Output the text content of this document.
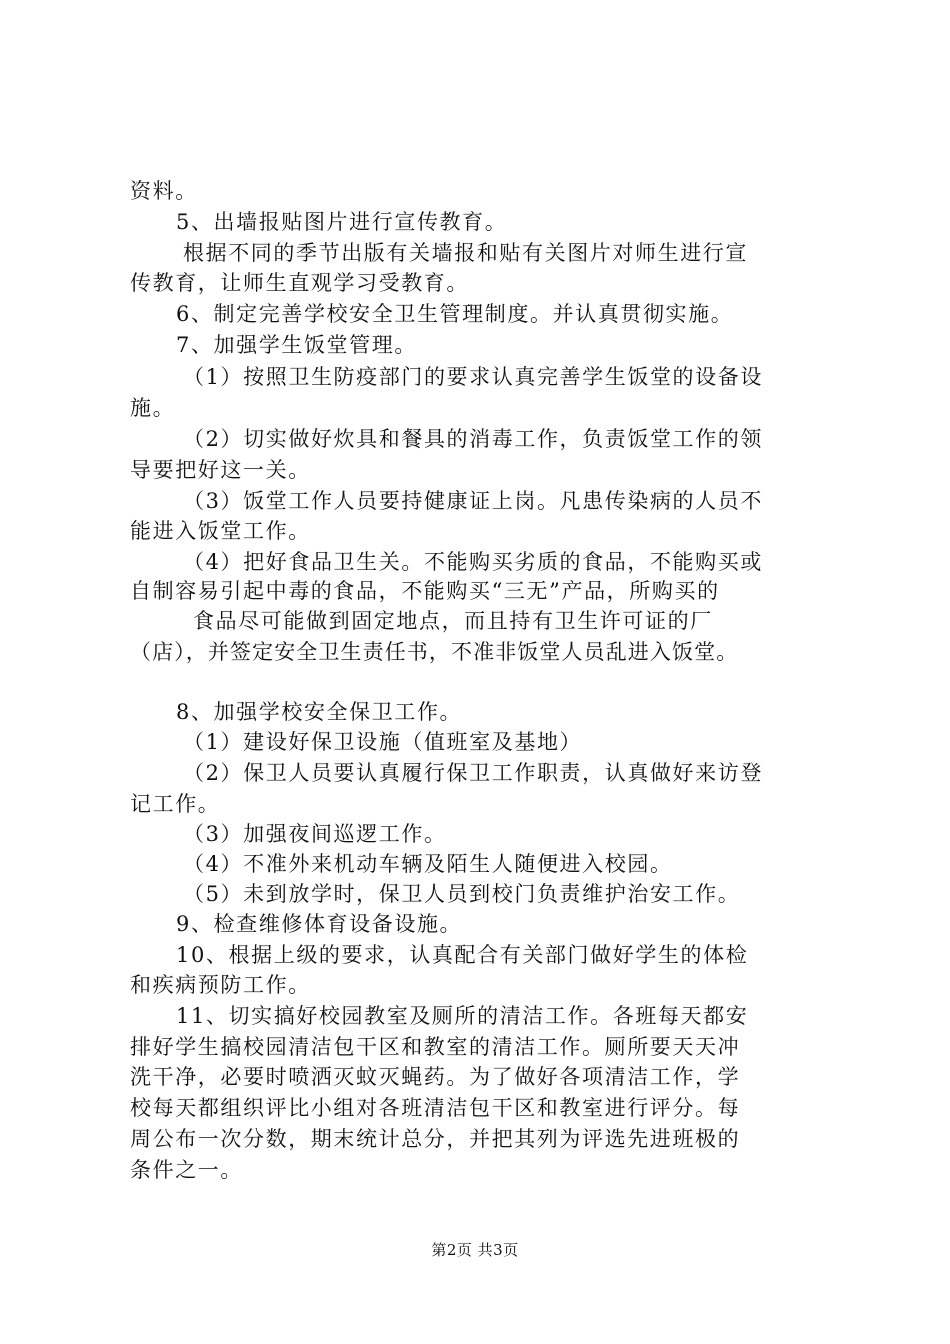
资料。
5、出墙报贴图片进行宣传教育。
根据不同的季节出版有关墙报和贴有关图片对师生进行宣
传教育，让师生直观学习受教育。
6、制定完善学校安全卫生管理制度。并认真贯彻实施。
7、加强学生饭堂管理。
（1）按照卫生防疫部门的要求认真完善学生饭堂的设备设
施。
（2）切实做好炊具和餐具的消毒工作，负责饭堂工作的领
导要把好这一关。
（3）饭堂工作人员要持健康证上岗。凡患传染病的人员不
能进入饭堂工作。
（4）把好食品卫生关。不能购买劣质的食品，不能购买或
自制容易引起中毒的食品，不能购买“三无”产品，所购买的
食品尽可能做到固定地点，而且持有卫生许可证的厂
（店），并签定安全卫生责任书，不准非饭堂人员乱进入饭堂。
8、加强学校安全保卫工作。
（1）建设好保卫设施（值班室及基地）
（2）保卫人员要认真履行保卫工作职责，认真做好来访登
记工作。
（3）加强夜间巡逻工作。
（4）不准外来机动车辆及陌生人随便进入校园。
（5）未到放学时，保卫人员到校门负责维护治安工作。
9、检查维修体育设备设施。
10、根据上级的要求，认真配合有关部门做好学生的体检
和疾病预防工作。
11、切实搞好校园教室及厕所的清洁工作。各班每天都安
排好学生搞校园清洁包干区和教室的清洁工作。厕所要天天冲
洗干净，必要时喷洒灭蚊灭蝇药。为了做好各项清洁工作，学
校每天都组织评比小组对各班清洁包干区和教室进行评分。每
周公布一次分数，期末统计总分，并把其列为评选先进班极的
条件之一。
第2页 共3页
